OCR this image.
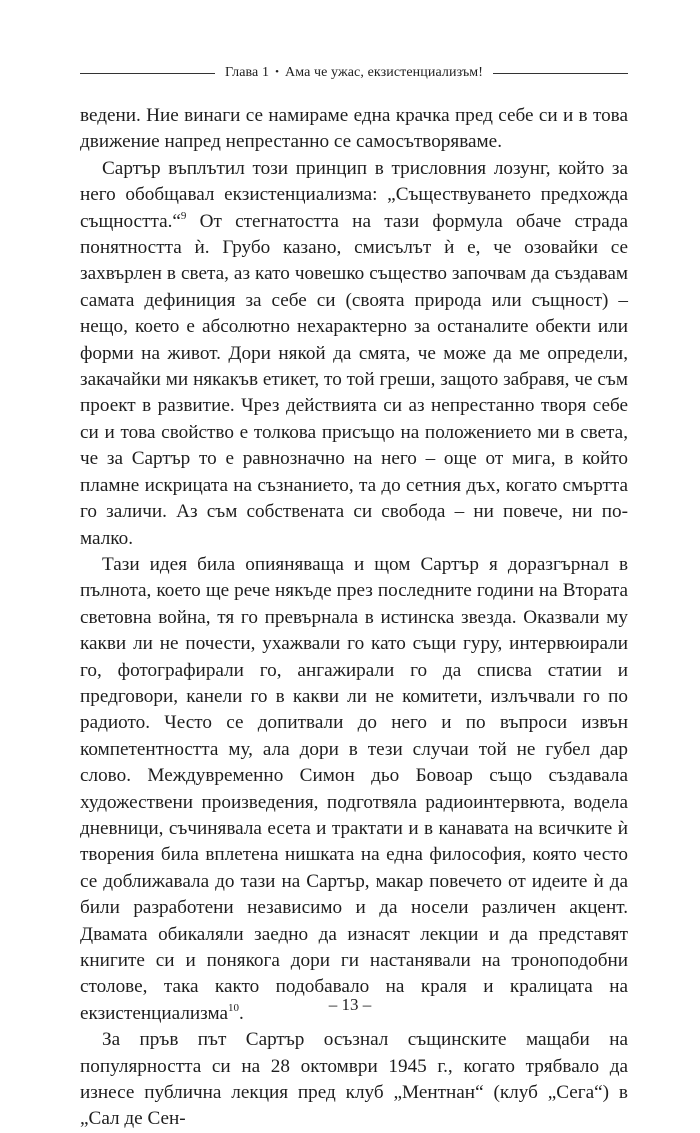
Глава 1 • Ама че ужас, екзистенциализъм!

ведени. Ние винаги се намираме една крачка пред себе си и в това движение напред непрестанно се самосътворяваме.

Сартър въплътил този принцип в трисловния лозунг, който за него обобщавал екзистенциализма: „Съществуването предхожда същността.“$^9$ От стегнатостта на тази формула обаче страда понятността ѝ. Грубо казано, смисълът ѝ е, че озовайки се захвърлен в света, аз като човешко същество започвам да създавам самата дефиниция за себе си (своята природа или същност) – нещо, което е абсолютно нехарактерно за останалите обекти или форми на живот. Дори някой да смята, че може да ме определи, закачайки ми някакъв етикет, то той греши, защото забравя, че съм проект в развитие. Чрез действията си аз непрестанно творя себе си и това свойство е толкова присъщо на положението ми в света, че за Сартър то е равнозначно на него – още от мига, в който пламне искрицата на съзнанието, та до сетния дъх, когато смъртта го заличи. Аз съм собствената си свобода – ни повече, ни по-малко.

Тази идея била опияняваща и щом Сартър я доразгърнал в пълнота, което ще рече някъде през последните години на Втората световна война, тя го превърнала в истинска звезда. Оказвали му какви ли не почести, ухажвали го като същи гуру, интервюирали го, фотографирали го, ангажирали го да списва статии и предговори, канели го в какви ли не комитети, излъчвали го по радиото. Често се допитвали до него и по въпроси извън компетентността му, ала дори в тези случаи той не губел дар слово. Междувременно Симон дьо Бовоар също създавала художествени произведения, подготвяла радиоинтервюта, водела дневници, съчинявала есета и трактати и в канавата на всичките ѝ творения била вплетена нишката на една философия, която често се доближавала до тази на Сартър, макар повечето от идеите ѝ да били разработени независимо и да носели различен акцент. Двамата обикаляли заедно да изнасят лекции и да представят книгите си и понякога дори ги настанявали на троноподобни столове, така както подобавало на краля и кралицата на екзистенциализма$^{10}$.

За пръв път Сартър осъзнал същинските мащаби на популярността си на 28 октомври 1945 г., когато трябвало да изнесе публична лекция пред клуб „Ментнан“ (клуб „Сега“) в „Сал де Сен-

– 13 –
